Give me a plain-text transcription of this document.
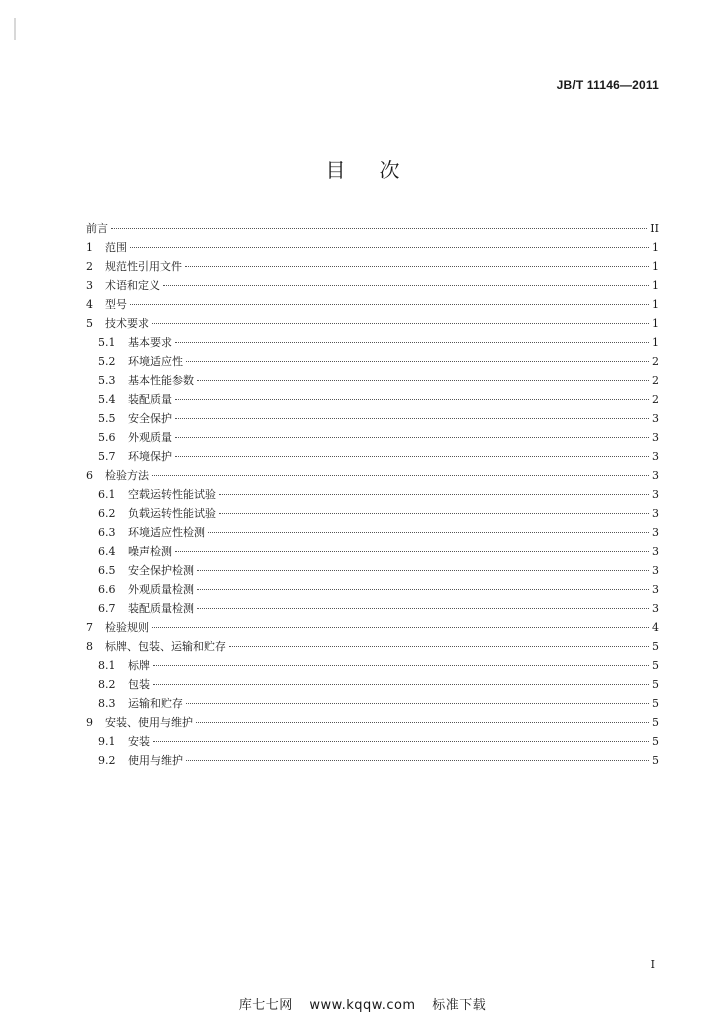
JB/T 11146—2011
目次
前言	II
1	范围	1
2	规范性引用文件	1
3	术语和定义	1
4	型号	1
5	技术要求	1
5.1	基本要求	1
5.2	环境适应性	2
5.3	基本性能参数	2
5.4	装配质量	2
5.5	安全保护	3
5.6	外观质量	3
5.7	环境保护	3
6	检验方法	3
6.1	空载运转性能试验	3
6.2	负载运转性能试验	3
6.3	环境适应性检测	3
6.4	噪声检测	3
6.5	安全保护检测	3
6.6	外观质量检测	3
6.7	装配质量检测	3
7	检验规则	4
8	标牌、包装、运输和贮存	5
8.1	标牌	5
8.2	包装	5
8.3	运输和贮存	5
9	安装、使用与维护	5
9.1	安装	5
9.2	使用与维护	5
I
库七七网 www.kqqw.com 标准下载
